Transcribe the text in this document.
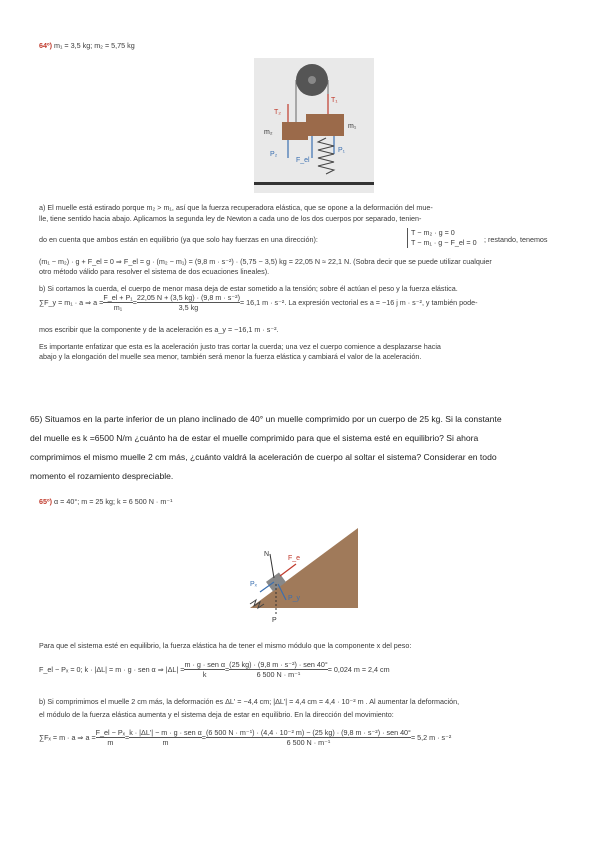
64º) m₁ = 3,5 kg; m₂ = 5,75 kg
T₂
T₁
m₂
m₁
P₂
F_el
P₁
a) El muelle está estirado porque m₂ > m₁, así que la fuerza recuperadora elástica, que se opone a la deformación del mue-
lle, tiene sentido hacia abajo. Aplicamos la segunda ley de Newton a cada uno de los dos cuerpos por separado, tenien-
do en cuenta que ambos están en equilibrio (ya que solo hay fuerzas en una dirección):
T − m₂ · g = 0
T − m₁ · g − F_el = 0 ; restando, tenemos
(m₁ − m₂) · g + F_el = 0 ⇒ F_el = g · (m₂ − m₁) = (9,8 m · s⁻²) · (5,75 − 3,5) kg = 22,05 N ≈ 22,1 N. (Sobra decir que se puede utilizar cualquier
otro método válido para resolver el sistema de dos ecuaciones lineales).
b) Si cortamos la cuerda, el cuerpo de menor masa deja de estar sometido a la tensión; sobre él actúan el peso y la fuerza elástica.
∑F_y = m₁ · a ⇒ $a = \frac{\text{F\_el + P₁}}{\text{m₁}} = \frac{\text{22,05 N + (3,5 kg) · (9,8 m · s⁻²)}}{3,5 kg} = 16,1$ m · s⁻². La expresión vectorial es a = −16 j m · s⁻², y también pode-
mos escribir que la componente y de la aceleración es a_y = −16,1 m · s⁻².
Es importante enfatizar que esta es la aceleración justo tras cortar la cuerda; una vez el cuerpo comience a desplazarse hacia
abajo y la elongación del muelle sea menor, también será menor la fuerza elástica y cambiará el valor de la aceleración.
65) Situamos en la parte inferior de un plano inclinado de 40° un muelle comprimido por un cuerpo de 25 kg. Si la constante
del muelle es k =6500 N/m ¿cuánto ha de estar el muelle comprimido para que el sistema esté en equilibrio? Si ahora
comprimimos el mismo muelle 2 cm más, ¿cuánto valdrá la aceleración de cuerpo al soltar el sistema? Considerar en todo
momento el rozamiento despreciable.
65º) α = 40°; m = 25 kg; k = 6 500 N · m⁻¹
N
F_e
Pₓ
P_y
P
Para que el sistema esté en equilibrio, la fuerza elástica ha de tener el mismo módulo que la componente x del peso:
F_el − Pₓ = 0; k · |ΔL| = m · g · sen α ⇒ |ΔL| =
m · g · sen α
k
=
(25 kg) · (9,8 m · s⁻²) · sen 40°
6 500 N · m⁻¹
= 0,024 m = 2,4 cm
b) Si comprimimos el muelle 2 cm más, la deformación es ΔL' = −4,4 cm; |ΔL'| = 4,4 cm = 4,4 · 10⁻² m . Al aumentar la deformación,
el módulo de la fuerza elástica aumenta y el sistema deja de estar en equilibrio. En la dirección del movimiento:
∑Fₓ = m · a ⇒ $a = \frac{\text{F\_el − Pₓ}}{m}$ =
k · |ΔL'| − m · g · sen α
m
=
(6 500 N · m⁻¹) · (4,4 · 10⁻² m) − (25 kg) · (9,8 m · s⁻²) · sen 40°
6 500 N · m⁻¹
= 5,2 m · s⁻²
